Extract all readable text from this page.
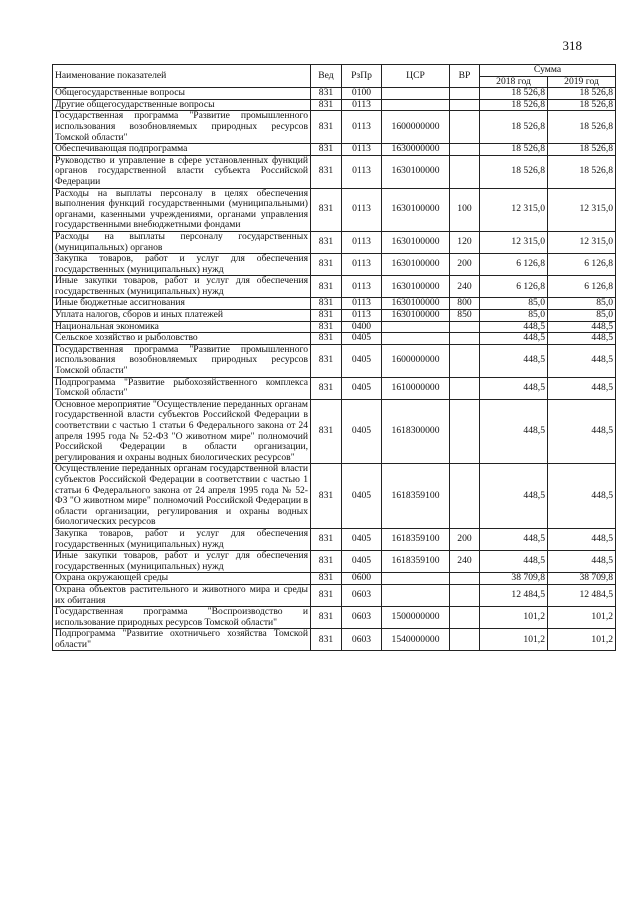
318
Наименование показателей	Вед	РзПр	ЦСР	ВР	Сумма	
					2018 год	2019 год
Общегосударственные вопросы	831	0100			18 526,8	18 526,8
Другие общегосударственные вопросы	831	0113			18 526,8	18 526,8
Государственная программа "Развитие промышленного использования возобновляемых природных ресурсов Томской области"	831	0113	1600000000		18 526,8	18 526,8
Обеспечивающая подпрограмма	831	0113	1630000000		18 526,8	18 526,8
Руководство и управление в сфере установленных функций органов государственной власти субъекта Российской Федерации	831	0113	1630100000		18 526,8	18 526,8
Расходы на выплаты персоналу в целях обеспечения выполнения функций государственными (муниципальными) органами, казенными учреждениями, органами управления государственными внебюджетными фондами	831	0113	1630100000	100	12 315,0	12 315,0
Расходы на выплаты персоналу государственных (муниципальных) органов	831	0113	1630100000	120	12 315,0	12 315,0
Закупка товаров, работ и услуг для обеспечения государственных (муниципальных) нужд	831	0113	1630100000	200	6 126,8	6 126,8
Иные закупки товаров, работ и услуг для обеспечения государственных (муниципальных) нужд	831	0113	1630100000	240	6 126,8	6 126,8
Иные бюджетные ассигнования	831	0113	1630100000	800	85,0	85,0
Уплата налогов, сборов и иных платежей	831	0113	1630100000	850	85,0	85,0
Национальная экономика	831	0400			448,5	448,5
Сельское хозяйство и рыболовство	831	0405			448,5	448,5
Государственная программа "Развитие промышленного использования возобновляемых природных ресурсов Томской области"	831	0405	1600000000		448,5	448,5
Подпрограмма "Развитие рыбохозяйственного комплекса Томской области"	831	0405	1610000000		448,5	448,5
Основное мероприятие "Осуществление переданных органам государственной власти субъектов Российской Федерации в соответствии с частью 1 статьи 6 Федерального закона от 24 апреля 1995 года № 52-ФЗ "О животном мире" полномочий Российской Федерации в области организации, регулирования и охраны водных биологических ресурсов"	831	0405	1618300000		448,5	448,5
Осуществление переданных органам государственной власти субъектов Российской Федерации в соответствии с частью 1 статьи 6 Федерального закона от 24 апреля 1995 года № 52-ФЗ "О животном мире" полномочий Российской Федерации в области организации, регулирования и охраны водных биологических ресурсов	831	0405	1618359100		448,5	448,5
Закупка товаров, работ и услуг для обеспечения государственных (муниципальных) нужд	831	0405	1618359100	200	448,5	448,5
Иные закупки товаров, работ и услуг для обеспечения государственных (муниципальных) нужд	831	0405	1618359100	240	448,5	448,5
Охрана окружающей среды	831	0600			38 709,8	38 709,8
Охрана объектов растительного и животного мира и среды их обитания	831	0603			12 484,5	12 484,5
Государственная программа "Воспроизводство и использование природных ресурсов Томской области"	831	0603	1500000000		101,2	101,2
Подпрограмма "Развитие охотничьего хозяйства Томской области"	831	0603	1540000000		101,2	101,2
